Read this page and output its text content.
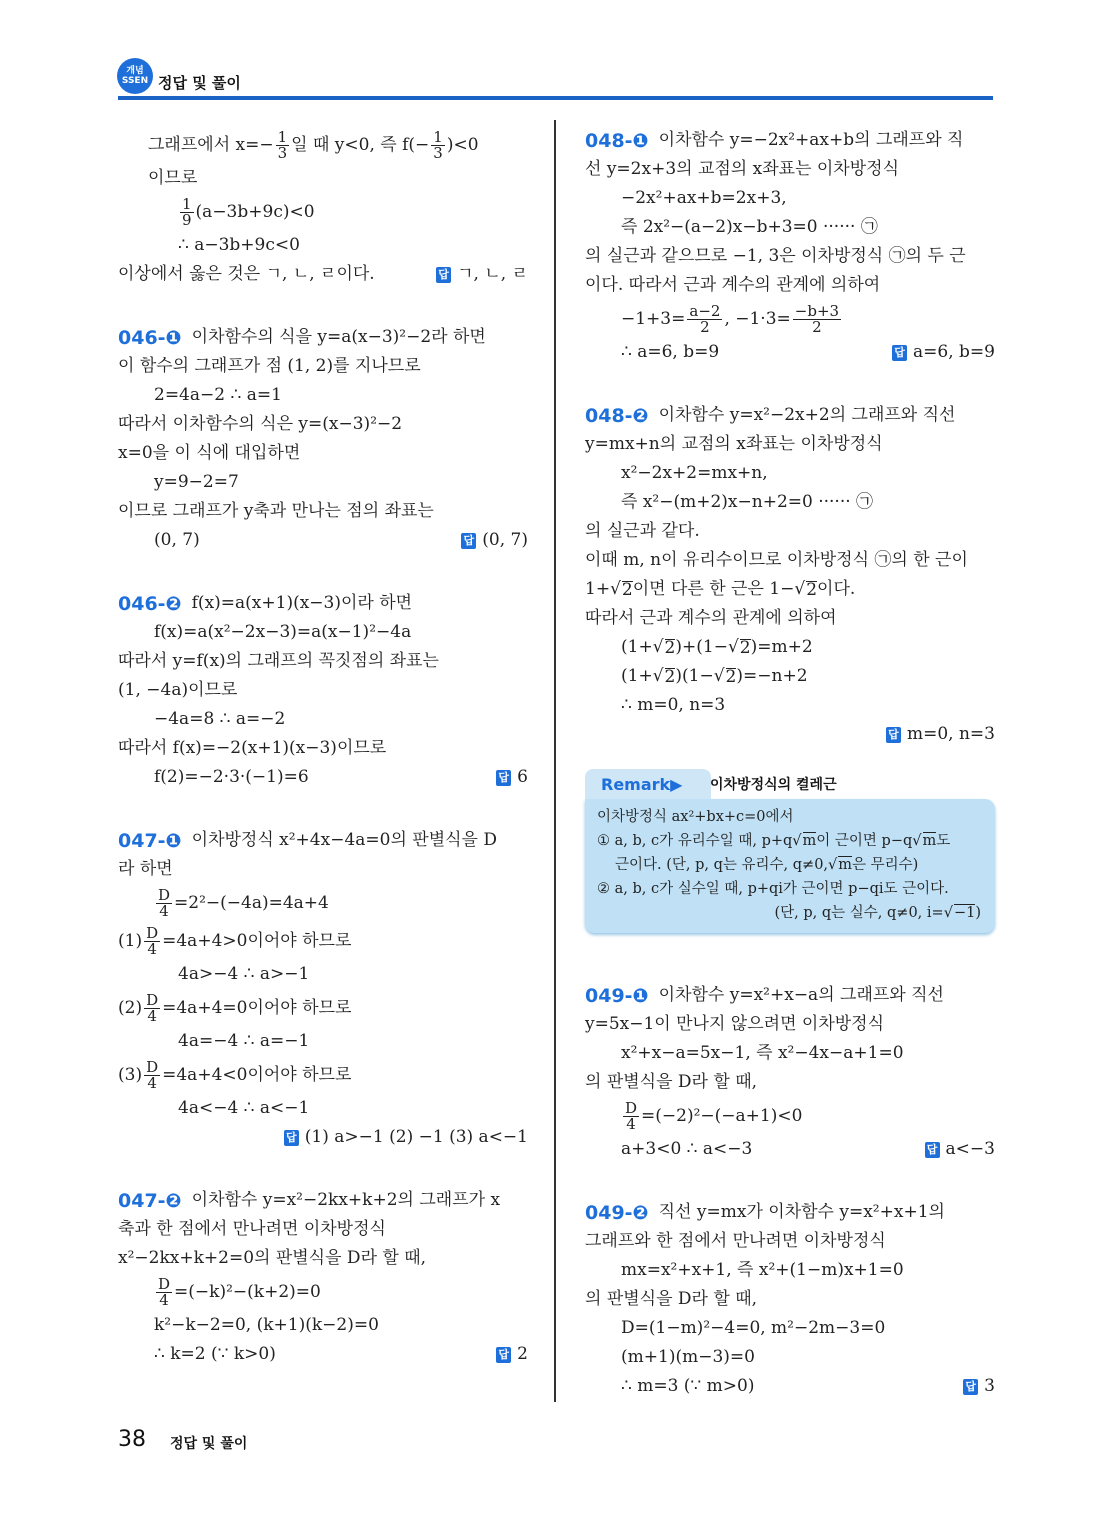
개념 SSEN 정답 및 풀이
그래프에서 $x=- \frac{1}{3}$ 일 때 y<0, 즉 $f(- \frac{1}{3} )<0$
이므로
$\frac{1}{9} (a-3b+9c)<0$
∴ a−3b+9c<0
이상에서 옳은 것은 ㄱ, ㄴ, ㄹ이다.	답 ㄱ, ㄴ, ㄹ
046-❶ 이차함수의 식을 y=a(x−3)²−2라 하면
이 함수의 그래프가 점 (1, 2)를 지나므로
2=4a−2 ∴ a=1
따라서 이차함수의 식은 y=(x−3)²−2
x=0을 이 식에 대입하면
y=9−2=7
이므로 그래프가 y축과 만나는 점의 좌표는
(0, 7)	답 (0, 7)
046-❷ f(x)=a(x+1)(x−3)이라 하면
f(x)=a(x²−2x−3)=a(x−1)²−4a
따라서 y=f(x)의 그래프의 꼭짓점의 좌표는
(1, −4a)이므로
−4a=8 ∴ a=−2
따라서 f(x)=−2(x+1)(x−3)이므로
f(2)=−2·3·(−1)=6	답 6
047-❶ 이차방정식 x²+4x−4a=0의 판별식을 D
라 하면
$\frac{D}{4} =2^2-(-4a)=4a+4$
$(1) \frac{D}{4} =4a+4>0$이어야 하므로
4a>−4 ∴ a>−1
$(2) \frac{D}{4} =4a+4=0$이어야 하므로
4a=−4 ∴ a=−1
$(3) \frac{D}{4} =4a+4<0$이어야 하므로
4a<−4 ∴ a<−1
답 (1) a>−1 (2) −1 (3) a<−1
047-❷ 이차함수 y=x²−2kx+k+2의 그래프가 x
축과 한 점에서 만나려면 이차방정식
x²−2kx+k+2=0의 판별식을 D라 할 때,
$\frac{D}{4} =(-k)^2-(k+2)=0$
k²−k−2=0, (k+1)(k−2)=0
∴ k=2 (∵ k>0)	답 2
048-❶ 이차함수 y=−2x²+ax+b의 그래프와 직
선 y=2x+3의 교점의 x좌표는 이차방정식
−2x²+ax+b=2x+3,
즉 2x²−(a−2)x−b+3=0 ······ ㉠
의 실근과 같으므로 −1, 3은 이차방정식 ㉠의 두 근
이다. 따라서 근과 계수의 관계에 의하여
$-1+3= \frac{a-2}{2}$ , $-1\cdot 3= \frac{-b+3}{2}$
∴ a=6, b=9	답 a=6, b=9
048-❷ 이차함수 y=x²−2x+2의 그래프와 직선
y=mx+n의 교점의 x좌표는 이차방정식
x²−2x+2=mx+n,
즉 x²−(m+2)x−n+2=0 ······ ㉠
의 실근과 같다.
이때 m, n이 유리수이므로 이차방정식 ㉠의 한 근이
1+ √ 2 이면 다른 한 근은 1− √ 2 이다.
따라서 근과 계수의 관계에 의하여
(1+ √ 2 )+(1− √ 2 )=m+2
(1+ √ 2 )(1− √ 2 )=−n+2
∴ m=0, n=3
답 m=0, n=3
Remark▶ 이차방정식의 켤레근
이차방정식 ax²+bx+c=0에서
① a, b, c가 유리수일 때, p+q √ m 이 근이면 p−q √ m 도
근이다. (단, p, q는 유리수, q≠0, √ m 은 무리수)
② a, b, c가 실수일 때, p+qi가 근이면 p−qi도 근이다.
(단, p, q는 실수, q≠0, i= √ −1 )
049-❶ 이차함수 y=x²+x−a의 그래프와 직선
y=5x−1이 만나지 않으려면 이차방정식
x²+x−a=5x−1, 즉 x²−4x−a+1=0
의 판별식을 D라 할 때,
$\frac{D}{4} =(-2)^2-(-a+1)<0$
a+3<0 ∴ a<−3	답 a<−3
049-❷ 직선 y=mx가 이차함수 y=x²+x+1의
그래프와 한 점에서 만나려면 이차방정식
mx=x²+x+1, 즉 x²+(1−m)x+1=0
의 판별식을 D라 할 때,
D=(1−m)²−4=0, m²−2m−3=0
(m+1)(m−3)=0
∴ m=3 (∵ m>0)	답 3
38 정답 및 풀이
